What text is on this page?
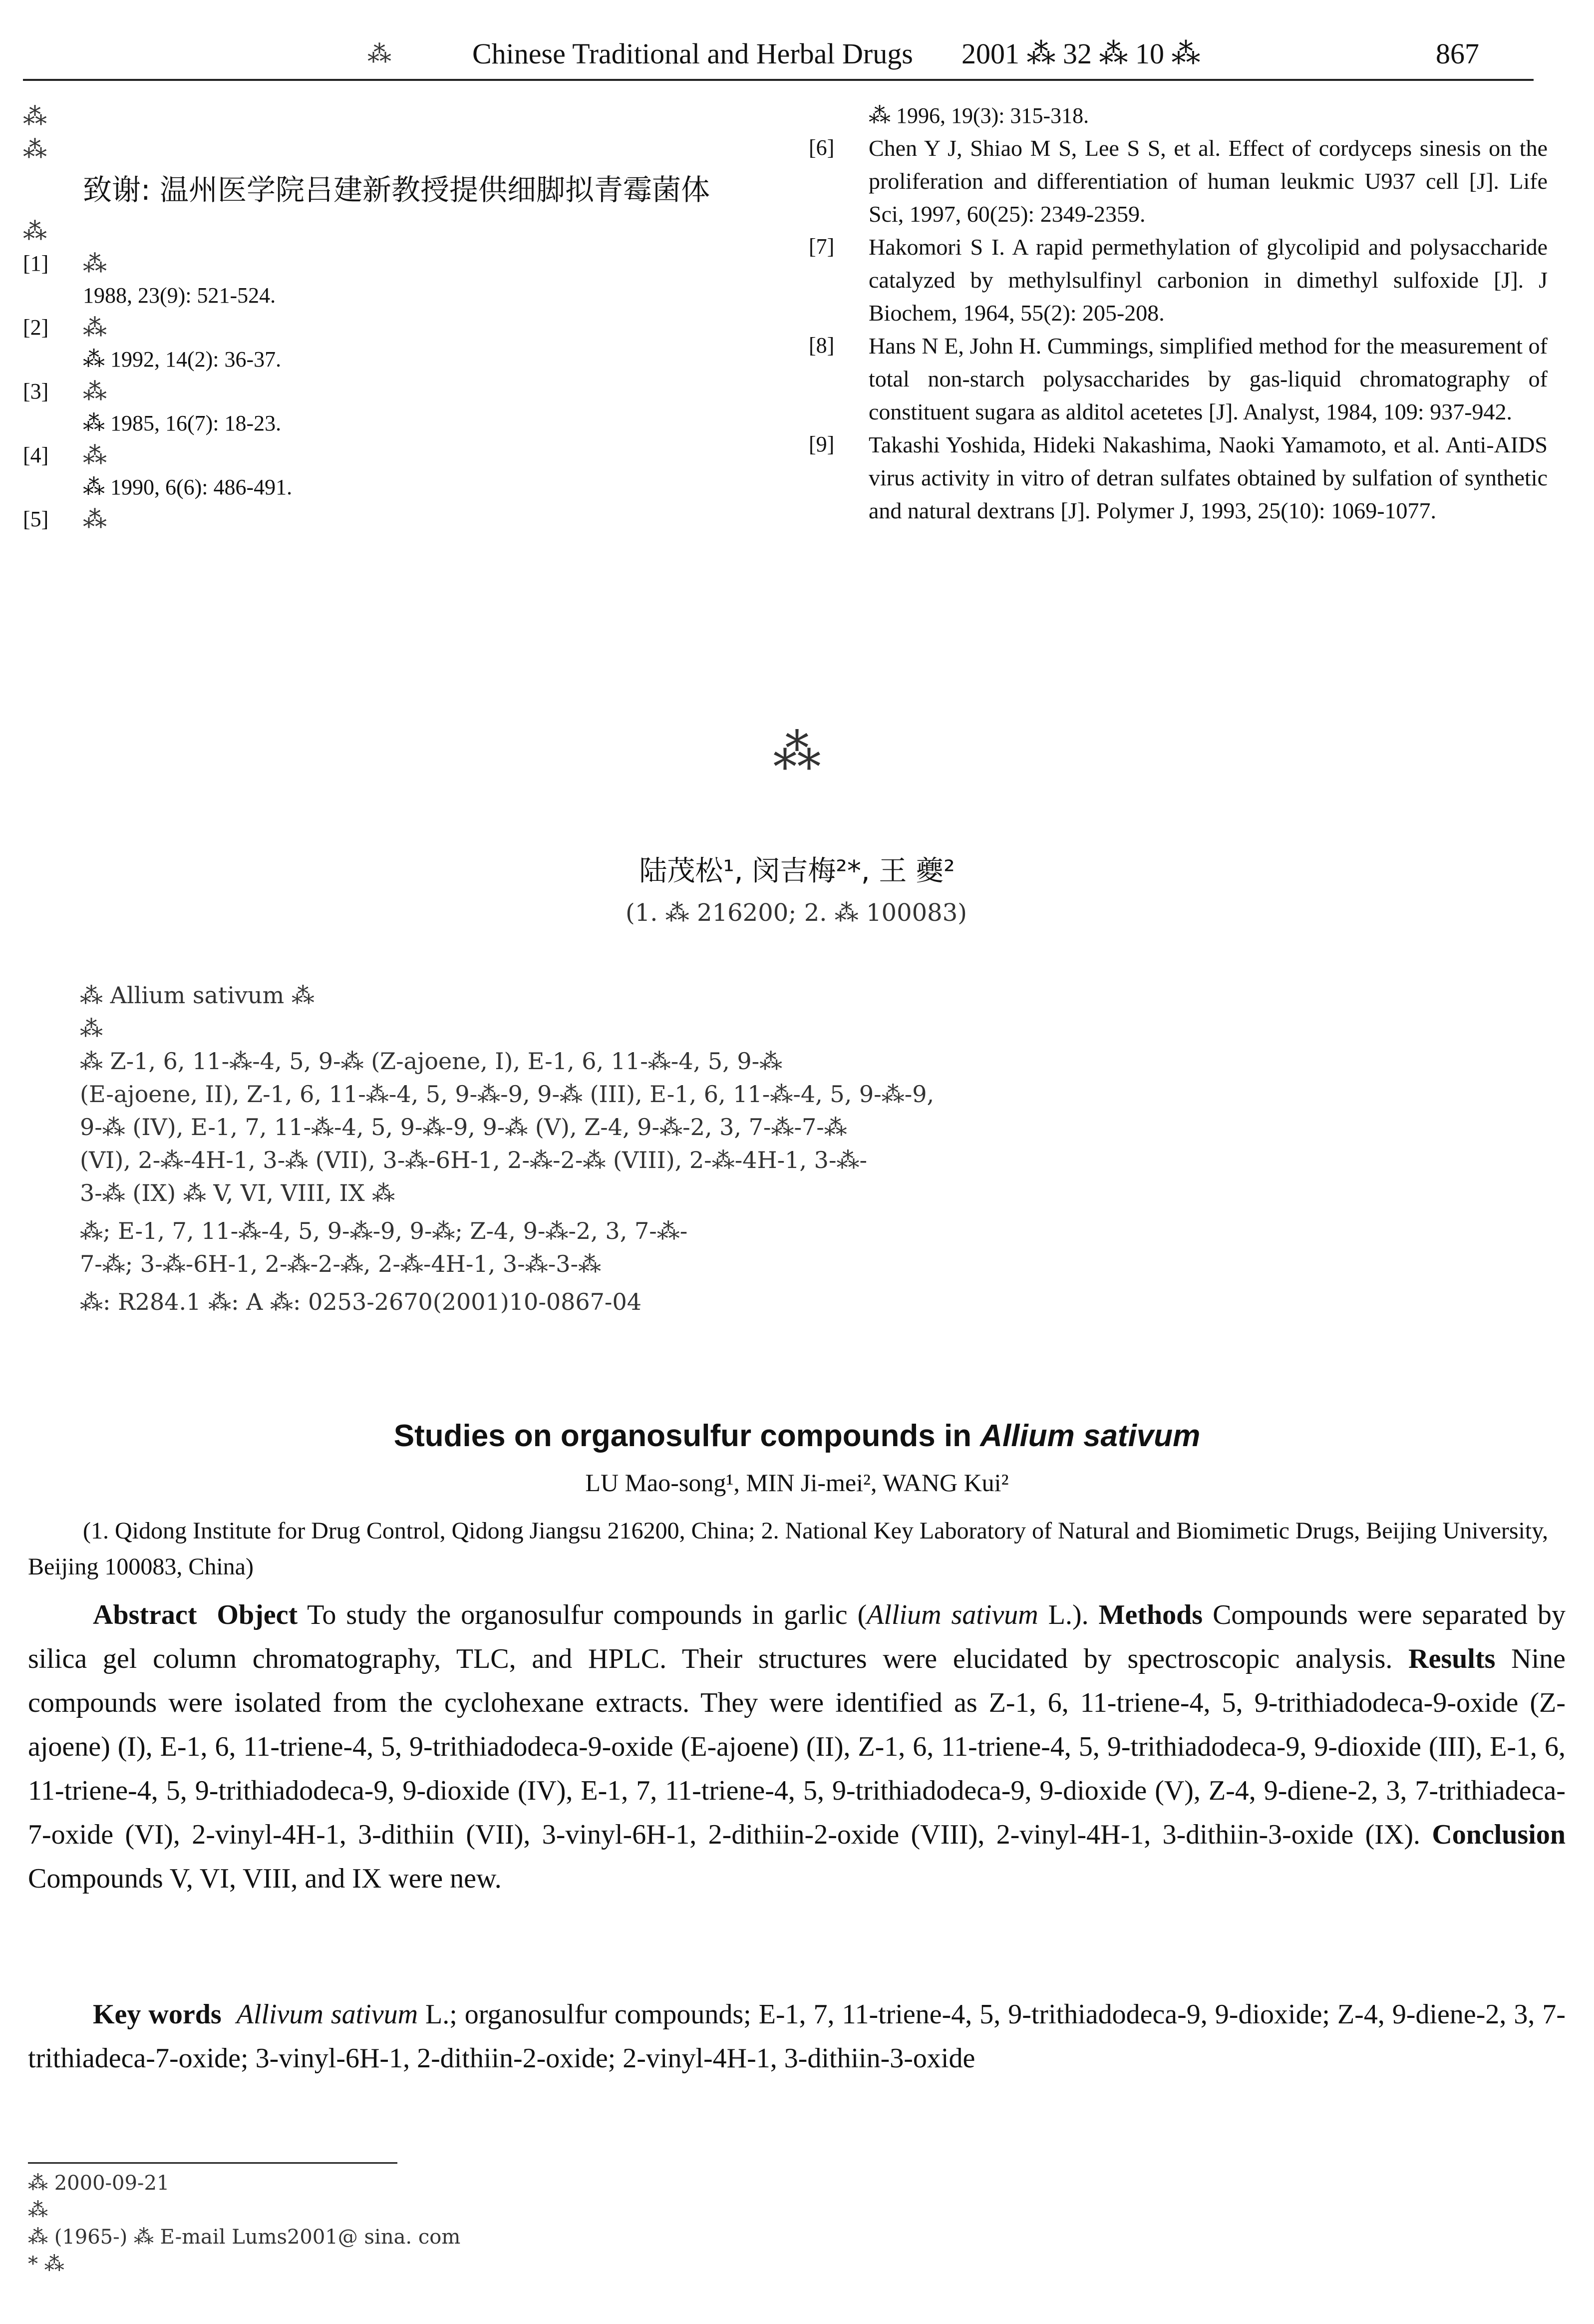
⁂	Chinese Traditional and Herbal Drugs 2001 ⁂ 32 ⁂ 10 ⁂	867
⁂
⁂
致谢: 温州医学院吕建新教授提供细脚拟青霉菌体
⁂
[1] ⁂
1988, 23(9): 521-524.
[2] ⁂
⁂ 1992, 14(2): 36-37.
[3] ⁂
⁂ 1985, 16(7): 18-23.
[4] ⁂
⁂ 1990, 6(6): 486-491.
[5] ⁂
⁂ 1996, 19(3): 315-318.
[6] Chen Y J, Shiao M S, Lee S S, et al. Effect of cordyceps sinesis on the proliferation and differentiation of human leukmic U937 cell [J]. Life Sci, 1997, 60(25): 2349-2359.
[7] Hakomori S I. A rapid permethylation of glycolipid and polysaccharide catalyzed by methylsulfinyl carbonion in dimethyl sulfoxide [J]. J Biochem, 1964, 55(2): 205-208.
[8] Hans N E, John H. Cummings, simplified method for the measurement of total non-starch polysaccharides by gas-liquid chromatography of constituent sugara as alditol acetetes [J]. Analyst, 1984, 109: 937-942.
[9] Takashi Yoshida, Hideki Nakashima, Naoki Yamamoto, et al. Anti-AIDS virus activity in vitro of detran sulfates obtained by sulfation of synthetic and natural dextrans [J]. Polymer J, 1993, 25(10): 1069-1077.
⁂
陆茂松¹, 闵吉梅²*, 王 夔²
(1. ⁂ 216200; 2. ⁂ 100083)
⁂ Allium sativum ⁂
⁂
⁂ Z-1, 6, 11-⁂-4, 5, 9-⁂ (Z-ajoene, I), E-1, 6, 11-⁂-4, 5, 9-⁂
(E-ajoene, II), Z-1, 6, 11-⁂-4, 5, 9-⁂-9, 9-⁂ (III), E-1, 6, 11-⁂-4, 5, 9-⁂-9,
9-⁂ (IV), E-1, 7, 11-⁂-4, 5, 9-⁂-9, 9-⁂ (V), Z-4, 9-⁂-2, 3, 7-⁂-7-⁂
(VI), 2-⁂-4H-1, 3-⁂ (VII), 3-⁂-6H-1, 2-⁂-2-⁂ (VIII), 2-⁂-4H-1, 3-⁂-
3-⁂ (IX) ⁂ V, VI, VIII, IX ⁂
⁂; E-1, 7, 11-⁂-4, 5, 9-⁂-9, 9-⁂; Z-4, 9-⁂-2, 3, 7-⁂-
7-⁂; 3-⁂-6H-1, 2-⁂-2-⁂, 2-⁂-4H-1, 3-⁂-3-⁂
⁂: R284.1 ⁂: A ⁂: 0253-2670(2001)10-0867-04
Studies on organosulfur compounds in Allium sativum
LU Mao-song¹, MIN Ji-mei², WANG Kui²
(1. Qidong Institute for Drug Control, Qidong Jiangsu 216200, China; 2. National Key Laboratory of Natural and Biomimetic Drugs, Beijing University, Beijing 100083, China)
Abstract Object To study the organosulfur compounds in garlic (Allium sativum L.). Methods Compounds were separated by silica gel column chromatography, TLC, and HPLC. Their structures were elucidated by spectroscopic analysis. Results Nine compounds were isolated from the cyclohexane extracts. They were identified as Z-1, 6, 11-triene-4, 5, 9-trithiadodeca-9-oxide (Z-ajoene) (I), E-1, 6, 11-triene-4, 5, 9-trithiadodeca-9-oxide (E-ajoene) (II), Z-1, 6, 11-triene-4, 5, 9-trithiadodeca-9, 9-dioxide (III), E-1, 6, 11-triene-4, 5, 9-trithiadodeca-9, 9-dioxide (IV), E-1, 7, 11-triene-4, 5, 9-trithiadodeca-9, 9-dioxide (V), Z-4, 9-diene-2, 3, 7-trithiadeca-7-oxide (VI), 2-vinyl-4H-1, 3-dithiin (VII), 3-vinyl-6H-1, 2-dithiin-2-oxide (VIII), 2-vinyl-4H-1, 3-dithiin-3-oxide (IX). Conclusion Compounds V, VI, VIII, and IX were new.
Key words Allivum sativum L.; organosulfur compounds; E-1, 7, 11-triene-4, 5, 9-trithiadodeca-9, 9-dioxide; Z-4, 9-diene-2, 3, 7-trithiadeca-7-oxide; 3-vinyl-6H-1, 2-dithiin-2-oxide; 2-vinyl-4H-1, 3-dithiin-3-oxide
⁂ 2000-09-21
⁂
⁂ (1965-) ⁂ E-mail Lums2001@ sina. com
* ⁂
